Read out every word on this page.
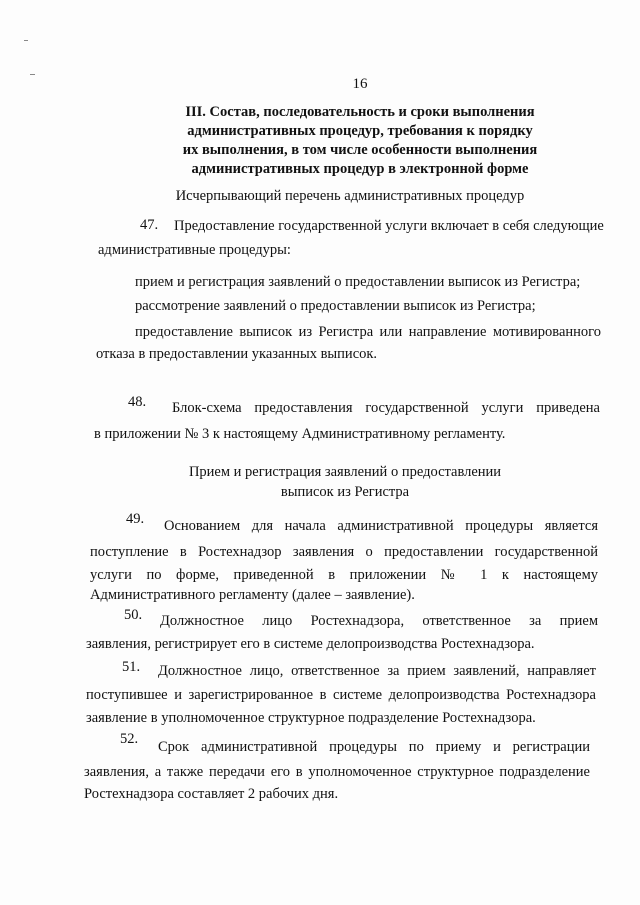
16
III. Состав, последовательность и сроки выполнения
административных процедур, требования к порядку
их выполнения, в том числе особенности выполнения
административных процедур в электронной форме
Исчерпывающий перечень административных процедур
47. Предоставление государственной услуги включает в себя следующие
административные процедуры:
прием и регистрация заявлений о предоставлении выписок из Регистра;
рассмотрение заявлений о предоставлении выписок из Регистра;
предоставление выписок из Регистра или направление мотивированного
отказа в предоставлении указанных выписок.
48. Блок-схема предоставления государственной услуги приведена
в приложении № 3 к настоящему Административному регламенту.
Прием и регистрация заявлений о предоставлении
выписок из Регистра
49. Основанием для начала административной процедуры является
поступление в Ростехнадзор заявления о предоставлении государственной
услуги по форме, приведенной в приложении № 1 к настоящему
Административного регламенту (далее – заявление).
50. Должностное лицо Ростехнадзора, ответственное за прием
заявления, регистрирует его в системе делопроизводства Ростехнадзора.
51. Должностное лицо, ответственное за прием заявлений, направляет
поступившее и зарегистрированное в системе делопроизводства Ростехнадзора
заявление в уполномоченное структурное подразделение Ростехнадзора.
52. Срок административной процедуры по приему и регистрации
заявления, а также передачи его в уполномоченное структурное подразделение
Ростехнадзора составляет 2 рабочих дня.
